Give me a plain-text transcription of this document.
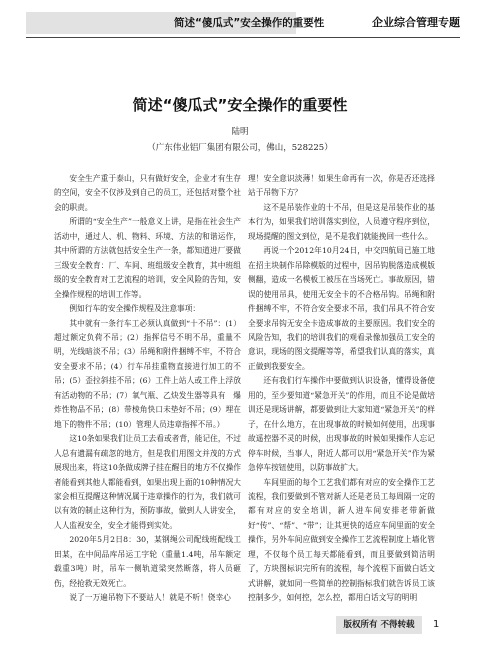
简述“傻瓜式”安全操作的重要性	企业综合管理专题
简述“傻瓜式”安全操作的重要性
陆明
（广东伟业铝厂集团有限公司，佛山，528225）

安全生产重于泰山，只有做好安全，企业才有生存的空间，安全不仅涉及到自己的员工，还包括对整个社会的职责。

所谓的“安全生产”一般意义上讲，是指在社会生产活动中，通过人、机、物料、环境、方法的和谐运作，其中所谓的方法就包括安全生产一条，都知道进厂要做三级安全教育：厂、车间、班组级安全教育，其中班组级的安全教育对工艺流程的培训，安全风险的告知，安全操作规程的培训工作等。

例如行车的安全操作规程及注意事项：

其中就有一条行车工必须认真做到“十不吊”：(1）超过额定负荷不吊；(2）指挥信号不明不吊，重量不明，光线暗淡不吊；(3）吊绳和附件捆缚不牢，不符合安全要求不吊；(4）行车吊挂重物直接进行加工的不吊；(5）歪拉斜挂不吊；(6）工件上站人或工件上浮放有活动物的不吊；(7）氧气瓶、乙炔发生器等具有　爆炸性物品不吊；(8）带棱角快口未垫好不吊；(9）埋在地下的物件不吊；(10）管理人员违章指挥不吊。）

这10条如果我们让员工去看或者背，能记住，不过人总有遗漏有疏忽的地方，但是我们用图文并茂的方式展现出来，将这10条做成牌子挂在醒目的地方不仅操作者能看到其他人都能看到，如果出现上面的10种情况大家会相互提醒这种情况属于违章操作的行为，我们就可以有效的制止这种行为，预防事故，做到人人讲安全，人人监视安全，安全才能得到实处。

2020年5月2日8：30，某钢绳公司配线班配线工田某，在中间品库吊运工字轮（重量1.4吨，吊车额定载重3吨）时，吊车一侧轨道梁突然断落，将人员砸伤，经抢救无效死亡。

说了一万遍吊物下不要站人！就是不听！侥幸心

理！安全意识淡薄！如果生命再有一次，你是否还选择站于吊物下方？

这不是吊装作业的十不吊，但是这是吊装作业的基本行为，如果我们培训落实到位，人员遵守程序到位，现场提醒的图文到位，是不是我们就能挽回一些什么。

再说一个2012年10月24日，中交四航局已施工地在招主块制作吊除模版的过程中，因吊钩脱落造成模版侧翻，造成一名模板工被压在当场死亡。事故原因，错误的使用吊具，使用无安全卡的不合格吊钩。吊绳和附件捆缚不牢，不符合安全要求不吊，我们吊具不符合安全要求吊钩无安全卡造成事故的主要原因。我们安全的风险告知，我们的培训我们的观看录像加强员工安全的意识，现场的图文提醒等等，希望我们认真的落实，真正做到我要安全。

还有我们行车操作中要做到认识设备，懂得设备使用的，至少要知道“紧急开关”的作用，而且不论是做培训还是现场讲解，都要做到让大家知道“紧急开关”的样子，在什么地方，在出现事故的时候如何使用，出现事故遥控器不灵的时候，出现事故的时候如果操作人忘记停车时候，当事人，附近人都可以用“紧急开关”作为紧急停车按钮使用，以防事故扩大。

车间里面的每个工艺我们都有对应的安全操作工艺流程，我们要做到不管对新人还是老员工每周隔一定的都有对应的安全培训，新人进车间安排老带新做好“传”、“帮”、“带”；让其更快的适应车间里面的安全操作，另外车间应做到安全操作工艺流程制度上墙化管理，不仅每个员工每天都能看到，而且要做到简洁明了，方块图标识完所有的流程，每个流程下面做白话文式讲解，就如同一些简单的控制指标我们就告诉员工该控制多少，如何控，怎么控，都用白话文写的明明

版权所有 不得转载	1
